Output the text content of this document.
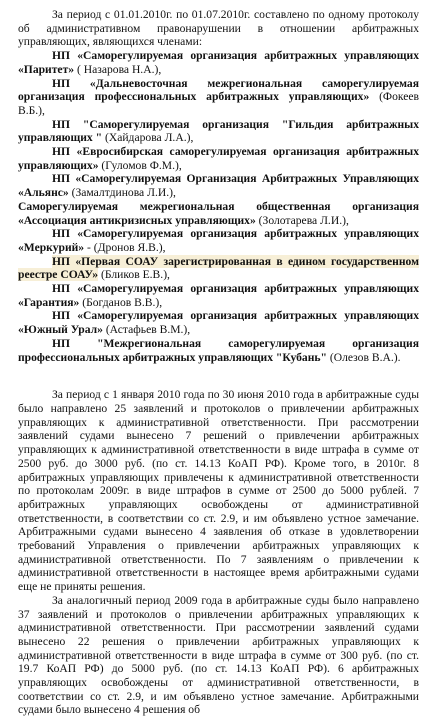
За период с 01.01.2010г. по 01.07.2010г. составлено по одному протоколу об административном правонарушении в отношении арбитражных управляющих, являющихся членами:

НП «Саморегулируемая организация арбитражных управляющих «Паритет» ( Назарова Н.А.),

НП «Дальневосточная межрегиональная саморегулируемая организация профессиональных арбитражных управляющих» (Фокеев В.Б.),

НП "Саморегулируемая организация "Гильдия арбитражных управляющих " (Хайдарова Л.А.),

НП «Евросибирская саморегулируемая организация арбитражных управляющих» (Гуломов Ф.М.),

НП «Саморегулируемая Организация Арбитражных Управляющих «Альянс» (Замалтдинова Л.И.),

Саморегулируемая межрегиональная общественная организация «Ассоциация антикризисных управляющих» (Золотарева Л.И.),

НП «Саморегулируемая организация арбитражных управляющих «Меркурий» - (Дронов Я.В.),

НП «Первая СОАУ зарегистрированная в едином государственном реестре СОАУ» (Бликов Е.В.),

НП «Саморегулируемая организация арбитражных управляющих «Гарантия» (Богданов В.В.),

НП «Саморегулируемая организация арбитражных управляющих «Южный Урал» (Астафьев В.М.),

НП "Межрегиональная саморегулируемая организация профессиональных арбитражных управляющих "Кубань" (Олезов В.А.).

За период с 1 января 2010 года по 30 июня 2010 года в арбитражные суды было направлено 25 заявлений и протоколов о привлечении арбитражных управляющих к административной ответственности. При рассмотрении заявлений судами вынесено 7 решений о привлечении арбитражных управляющих к административной ответственности в виде штрафа в сумме от 2500 руб. до 3000 руб. (по ст. 14.13 КоАП РФ). Кроме того, в 2010г. 8 арбитражных управляющих привлечены к административной ответственности по протоколам 2009г. в виде штрафов в сумме от 2500 до 5000 рублей. 7 арбитражных управляющих освобождены от административной ответственности, в соответствии со ст. 2.9, и им объявлено устное замечание. Арбитражными судами вынесено 4 заявления об отказе в удовлетворении требований Управления о привлечении арбитражных управляющих к административной ответственности. По 7 заявлениям о привлечении к административной ответственности в настоящее время арбитражными судами еще не приняты решения.

За аналогичный период 2009 года в арбитражные суды было направлено 37 заявлений и протоколов о привлечении арбитражных управляющих к административной ответственности. При рассмотрении заявлений судами вынесено 22 решения о привлечении арбитражных управляющих к административной ответственности в виде штрафа в сумме от 300 руб. (по ст. 19.7 КоАП РФ) до 5000 руб. (по ст. 14.13 КоАП РФ). 6 арбитражных управляющих освобождены от административной ответственности, в соответствии со ст. 2.9, и им объявлено устное замечание. Арбитражными судами было вынесено 4 решения об
